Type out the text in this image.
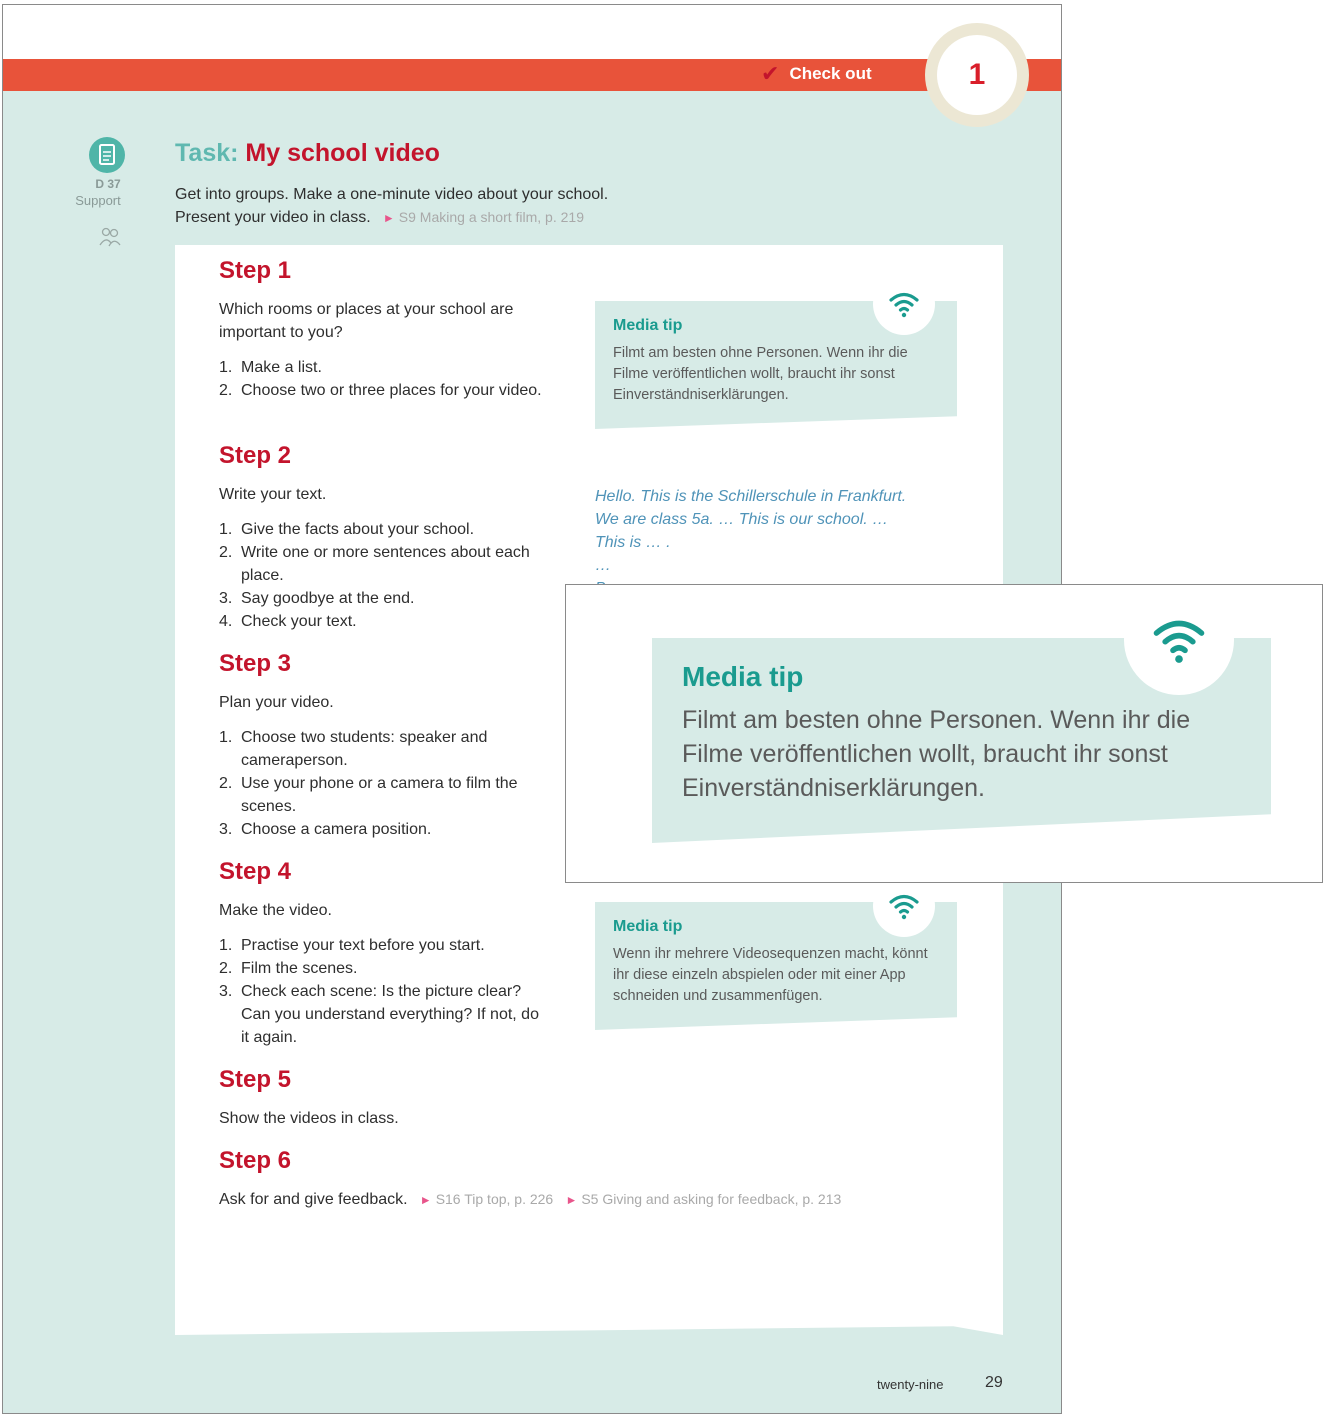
✔ Check out	1
D 37
Support
Task: My school video
Get into groups. Make a one-minute video about your school.
Present your video in class. ► S9 Making a short film, p. 219
Step 1
Which rooms or places at your school are important to you?
1. Make a list.
2. Choose two or three places for your video.
Media tip
Filmt am besten ohne Personen. Wenn ihr die Filme veröffentlichen wollt, braucht ihr sonst Einverständniserklärungen.
Step 2
Write your text.
1. Give the facts about your school.
2. Write one or more sentences about each place.
3. Say goodbye at the end.
4. Check your text.
Hello. This is the Schillerschule in Frankfurt.
We are class 5a. … This is our school. …
This is … .
…
Step 3
Plan your video.
1. Choose two students: speaker and cameraperson.
2. Use your phone or a camera to film the scenes.
3. Choose a camera position.
Step 4
Make the video.
1. Practise your text before you start.
2. Film the scenes.
3. Check each scene: Is the picture clear? Can you understand everything? If not, do it again.
Media tip
Wenn ihr mehrere Videosequenzen macht, könnt ihr diese einzeln abspielen oder mit einer App schneiden und zusammenfügen.
Step 5
Show the videos in class.
Step 6
Ask for and give feedback. ► S16 Tip top, p. 226 ► S5 Giving and asking for feedback, p. 213
twenty-nine	29
Media tip
Filmt am besten ohne Personen. Wenn ihr die Filme veröffentlichen wollt, braucht ihr sonst Einverständniserklärungen.
